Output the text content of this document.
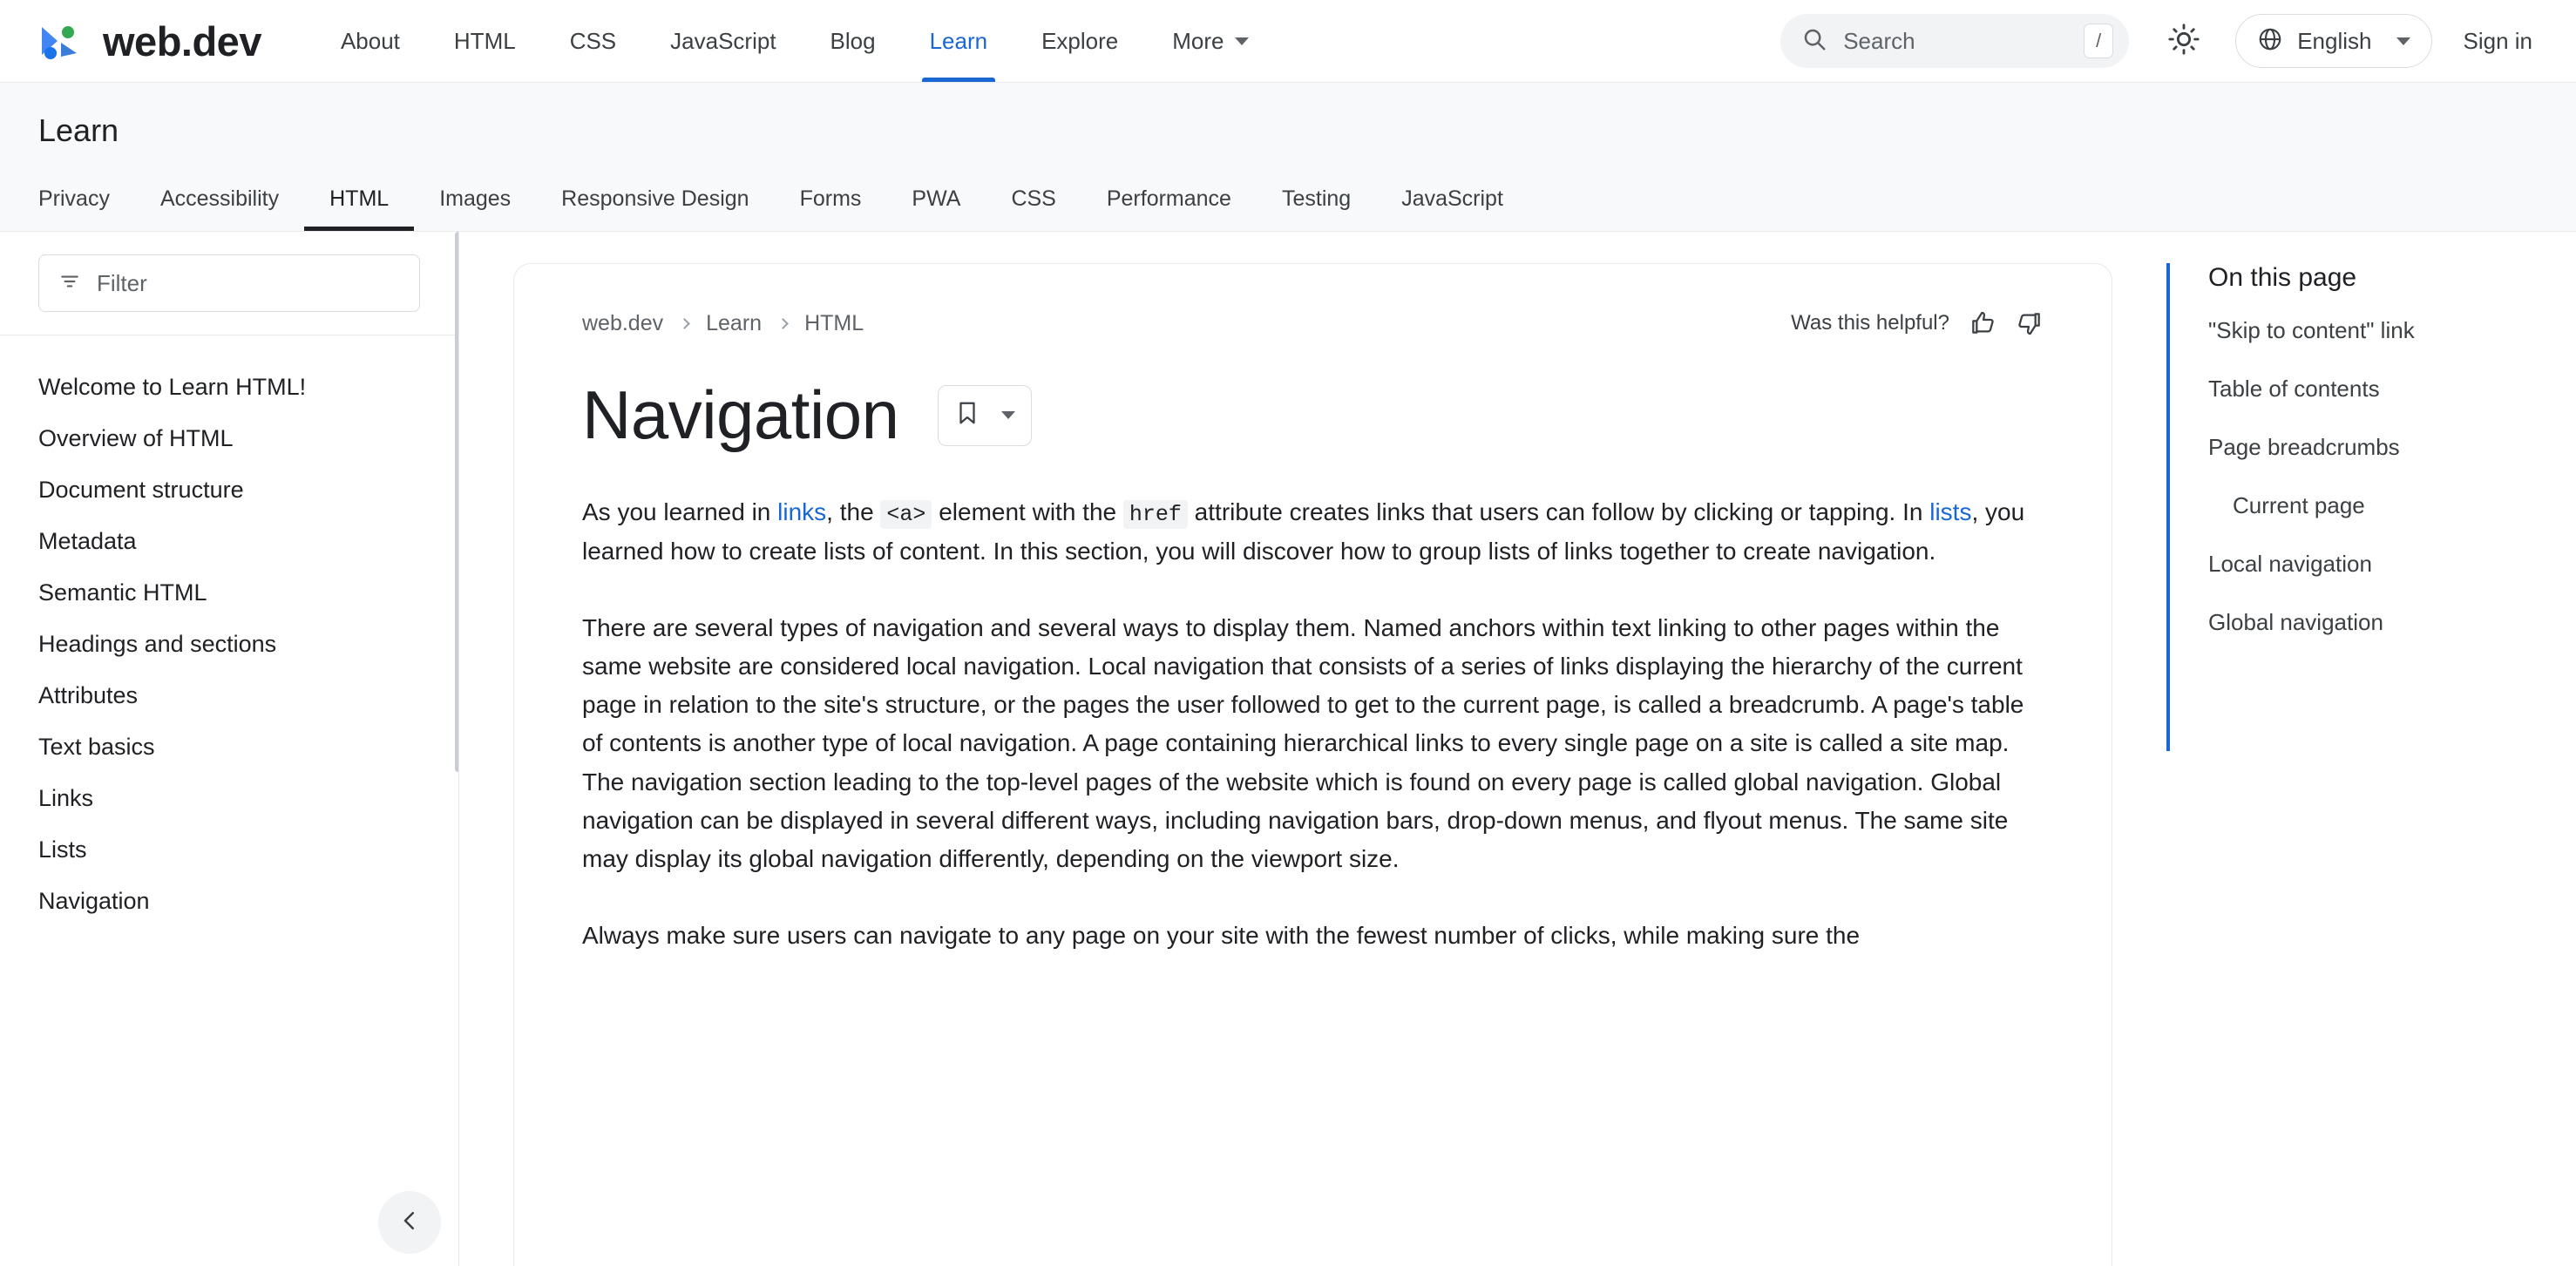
web.dev	About HTML CSS JavaScript Blog Learn Explore More	Search	/	English	Sign in
Learn
Privacy	Accessibility	HTML	Images	Responsive Design	Forms	PWA	CSS	Performance	Testing	JavaScript
Filter
Welcome to Learn HTML!
Overview of HTML
Document structure
Metadata
Semantic HTML
Headings and sections
Attributes
Text basics
Links
Lists
Navigation
web.dev Learn HTML	Was this helpful?
Navigation

As you learned in links, the <a> element with the href attribute creates links that users can follow by clicking or tapping. In lists, you learned how to create lists of content. In this section, you will discover how to group lists of links together to create navigation.

There are several types of navigation and several ways to display them. Named anchors within text linking to other pages within the same website are considered local navigation. Local navigation that consists of a series of links displaying the hierarchy of the current page in relation to the site's structure, or the pages the user followed to get to the current page, is called a breadcrumb. A page's table of contents is another type of local navigation. A page containing hierarchical links to every single page on a site is called a site map. The navigation section leading to the top-level pages of the website which is found on every page is called global navigation. Global navigation can be displayed in several different ways, including navigation bars, drop-down menus, and flyout menus. The same site may display its global navigation differently, depending on the viewport size.

Always make sure users can navigate to any page on your site with the fewest number of clicks, while making sure the

On this page
"Skip to content" link
Table of contents
Page breadcrumbs
Current page
Local navigation
Global navigation
